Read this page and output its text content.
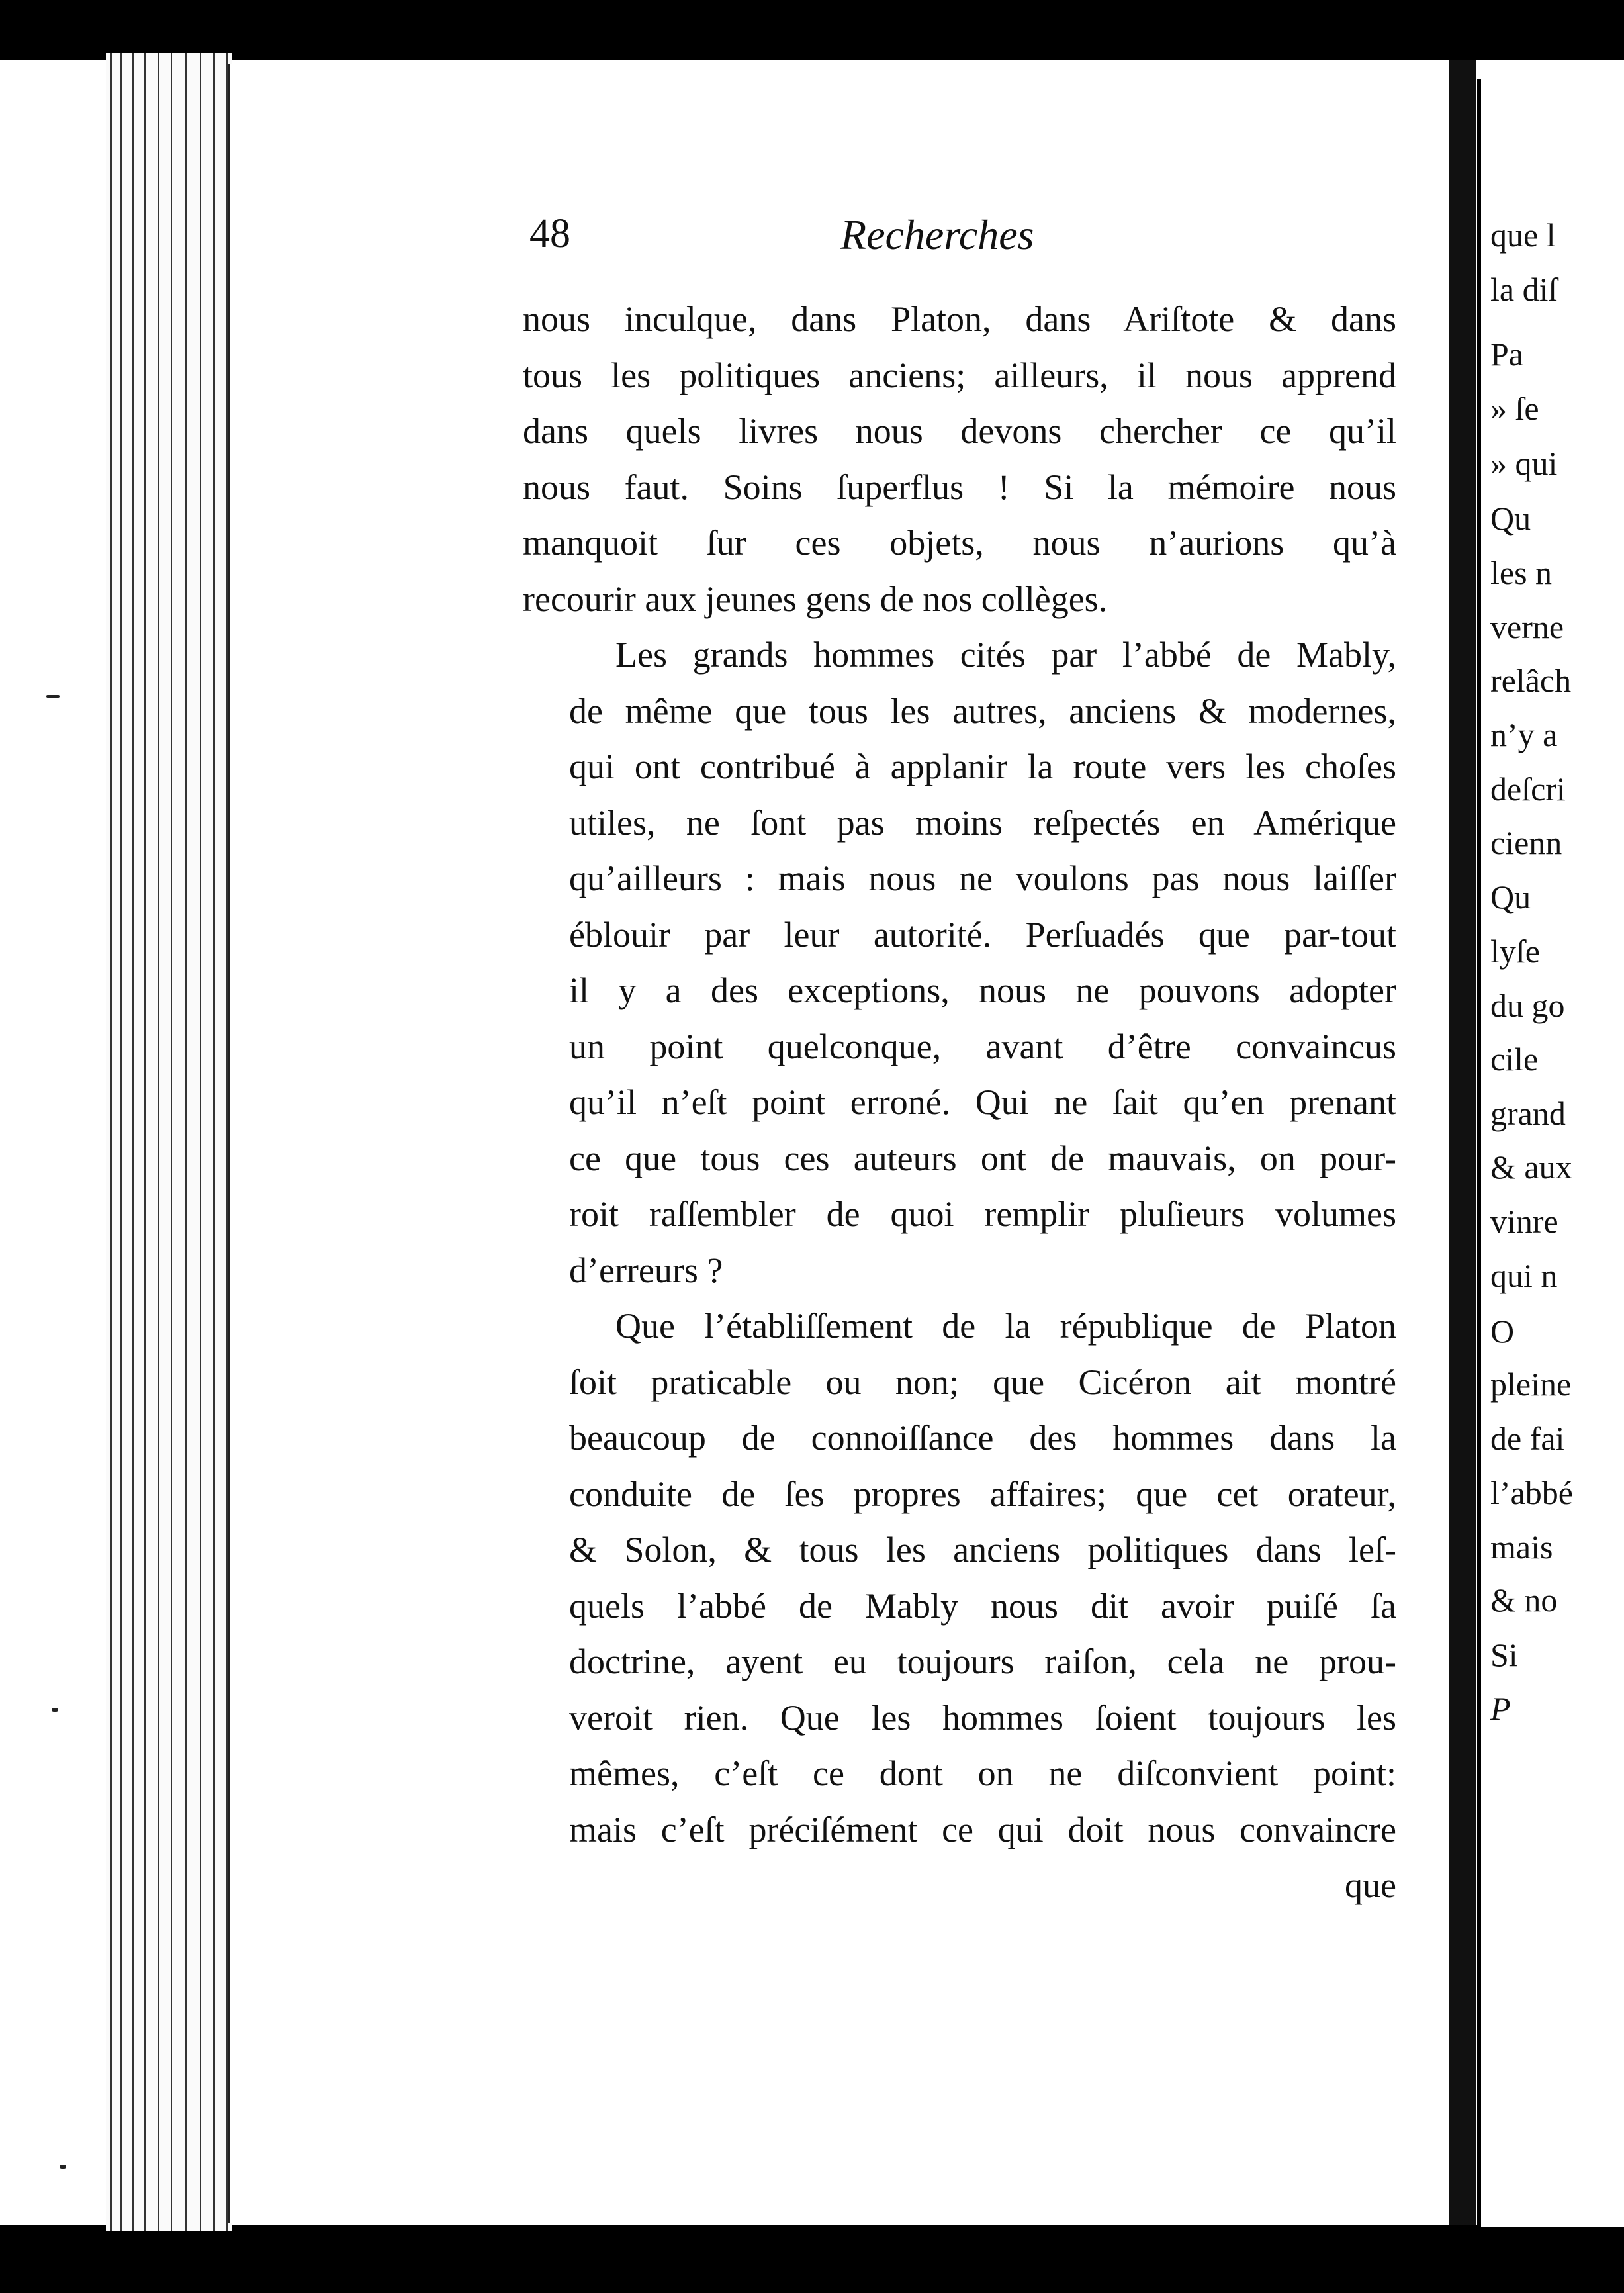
48	Recherches

nous inculque, dans Platon, dans Ariſtote & dans
tous les politiques anciens; ailleurs, il nous apprend
dans quels livres nous devons chercher ce qu’il
nous faut. Soins ſuperflus ! Si la mémoire nous
manquoit ſur ces objets, nous n’aurions qu’à
recourir aux jeunes gens de nos collèges.

Les grands hommes cités par l’abbé de Mably,
de même que tous les autres, anciens & modernes,
qui ont contribué à applanir la route vers les choſes
utiles, ne ſont pas moins reſpectés en Amérique
qu’ailleurs : mais nous ne voulons pas nous laiſſer
éblouir par leur autorité. Perſuadés que par-tout
il y a des exceptions, nous ne pouvons adopter
un point quelconque, avant d’être convaincus
qu’il n’eſt point erroné. Qui ne ſait qu’en prenant
ce que tous ces auteurs ont de mauvais, on pour-
roit raſſembler de quoi remplir pluſieurs volumes
d’erreurs ?

Que l’établiſſement de la république de Platon
ſoit praticable ou non; que Cicéron ait montré
beaucoup de connoiſſance des hommes dans la
conduite de ſes propres affaires; que cet orateur,
& Solon, & tous les anciens politiques dans leſ-
quels l’abbé de Mably nous dit avoir puiſé ſa
doctrine, ayent eu toujours raiſon, cela ne prou-
veroit rien. Que les hommes ſoient toujours les
mêmes, c’eſt ce dont on ne diſconvient point:
mais c’eſt préciſément ce qui doit nous convaincre

que
que l
la diſ
Pa
» ſe
» qui
Qu
les n
verne
relâch
n’y a
deſcri
cienn
Qu
lyſe
du go
cile
grand
& aux
vinre
qui n
O
pleine
de fai
l’abbé
mais
& no
Si
P
